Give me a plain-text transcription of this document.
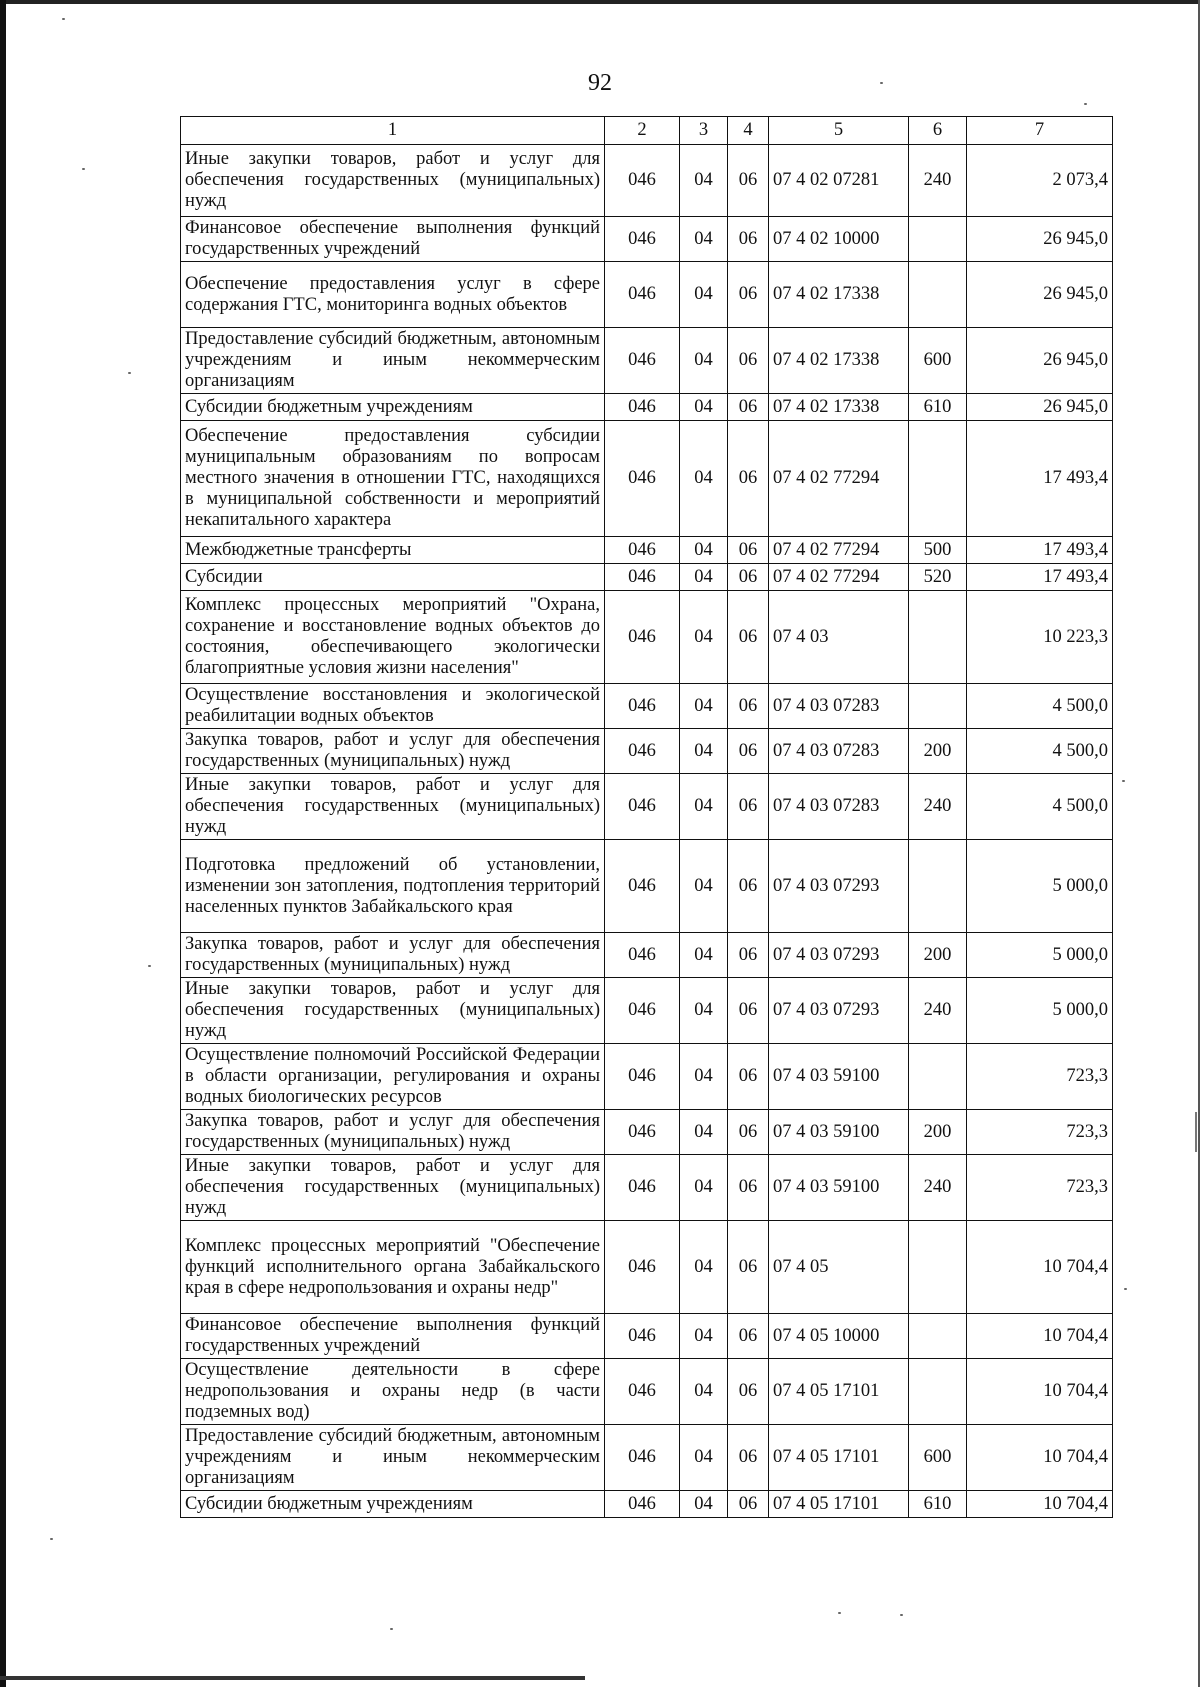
92
1	2	3	4	5	6	7
Иные закупки товаров, работ и услуг для обеспечения государственных (муниципальных) нужд	046	04	06	07 4 02 07281	240	2 073,4
Финансовое обеспечение выполнения функций государственных учреждений	046	04	06	07 4 02 10000		26 945,0
Обеспечение предоставления услуг в сфере содержания ГТС, мониторинга водных объектов	046	04	06	07 4 02 17338		26 945,0
Предоставление субсидий бюджетным, автономным учреждениям и иным некоммерческим организациям	046	04	06	07 4 02 17338	600	26 945,0
Субсидии бюджетным учреждениям	046	04	06	07 4 02 17338	610	26 945,0
Обеспечение предоставления субсидии муниципальным образованиям по вопросам местного значения в отношении ГТС, находящихся в муниципальной собственности и мероприятий некапитального характера	046	04	06	07 4 02 77294		17 493,4
Межбюджетные трансферты	046	04	06	07 4 02 77294	500	17 493,4
Субсидии	046	04	06	07 4 02 77294	520	17 493,4
Комплекс процессных мероприятий "Охрана, сохранение и восстановление водных объектов до состояния, обеспечивающего экологически благоприятные условия жизни населения"	046	04	06	07 4 03		10 223,3
Осуществление восстановления и экологической реабилитации водных объектов	046	04	06	07 4 03 07283		4 500,0
Закупка товаров, работ и услуг для обеспечения государственных (муниципальных) нужд	046	04	06	07 4 03 07283	200	4 500,0
Иные закупки товаров, работ и услуг для обеспечения государственных (муниципальных) нужд	046	04	06	07 4 03 07283	240	4 500,0
Подготовка предложений об установлении, изменении зон затопления, подтопления территорий населенных пунктов Забайкальского края	046	04	06	07 4 03 07293		5 000,0
Закупка товаров, работ и услуг для обеспечения государственных (муниципальных) нужд	046	04	06	07 4 03 07293	200	5 000,0
Иные закупки товаров, работ и услуг для обеспечения государственных (муниципальных) нужд	046	04	06	07 4 03 07293	240	5 000,0
Осуществление полномочий Российской Федерации в области организации, регулирования и охраны водных биологических ресурсов	046	04	06	07 4 03 59100		723,3
Закупка товаров, работ и услуг для обеспечения государственных (муниципальных) нужд	046	04	06	07 4 03 59100	200	723,3
Иные закупки товаров, работ и услуг для обеспечения государственных (муниципальных) нужд	046	04	06	07 4 03 59100	240	723,3
Комплекс процессных мероприятий "Обеспечение функций исполнительного органа Забайкальского края в сфере недропользования и охраны недр"	046	04	06	07 4 05		10 704,4
Финансовое обеспечение выполнения функций государственных учреждений	046	04	06	07 4 05 10000		10 704,4
Осуществление деятельности в сфере недропользования и охраны недр (в части подземных вод)	046	04	06	07 4 05 17101		10 704,4
Предоставление субсидий бюджетным, автономным учреждениям и иным некоммерческим организациям	046	04	06	07 4 05 17101	600	10 704,4
Субсидии бюджетным учреждениям	046	04	06	07 4 05 17101	610	10 704,4
